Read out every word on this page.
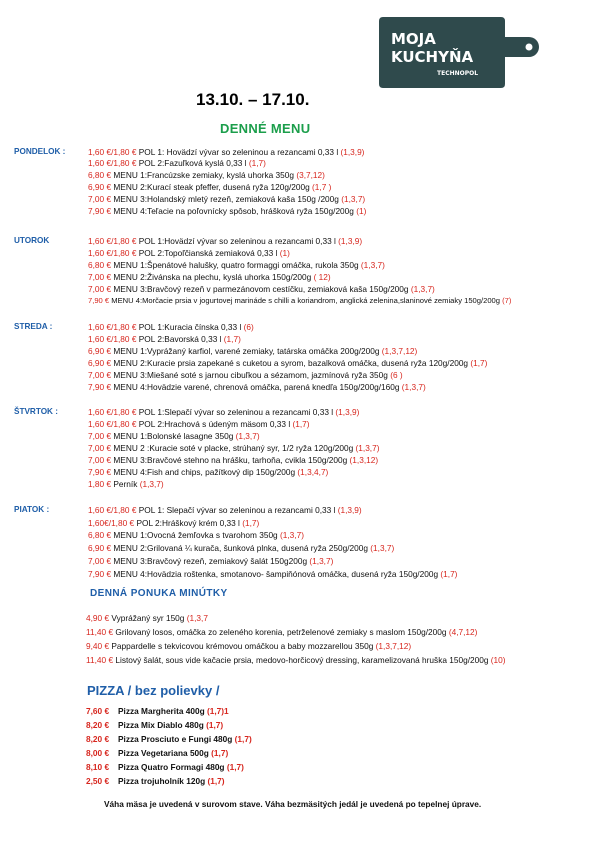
MOJA
KUCHYŇA
TECHNOPOL
13.10. – 17.10.
DENNÉ MENU
PONDELOK :
UTOROK
STREDA :
ŠTVRTOK :
PIATOK :
1,60 €/1,80 € POL 1: Hovädzí vývar so zeleninou a rezancami 0,33 l (1,3,9)
1,60 €/1,80 € POL 2:Fazuľková kyslá 0,33 l (1,7)
6,80 € MENU 1:Francúzske zemiaky, kyslá uhorka 350g (3,7,12)
6,90 € MENU 2:Kurací steak pfeffer, dusená ryža 120g/200g (1,7 )
7,00 € MENU 3:Holandský mletý rezeň, zemiaková kaša 150g /200g (1,3,7)
7,90 € MENU 4:Teľacie na poľovnícky spôsob, hrášková ryža 150g/200g (1)
1,60 €/1,80 € POL 1:Hovädzí vývar so zeleninou a rezancami 0,33 l (1,3,9)
1,60 €/1,80 € POL 2:Topoľčianská zemiaková 0,33 l (1)
6,80 € MENU 1:Špenátové halušky, quatro formaggi omáčka, rukola 350g (1,3,7)
7,00 € MENU 2:Živánska na plechu, kyslá uhorka 150g/200g ( 12)
7,00 € MENU 3:Bravčový rezeň v parmezánovom cestíčku, zemiaková kaša 150g/200g (1,3,7)
7,90 € MENU 4:Morčacie prsia v jogurtovej marináde s chilli a koriandrom, anglická zelenina,slaninové zemiaky 150g/200g (7)
1,60 €/1,80 € POL 1:Kuracia čínska 0,33 l (6)
1,60 €/1,80 € POL 2:Bavorská 0,33 l (1,7)
6,90 € MENU 1:Vyprážaný karfiol, varené zemiaky, tatárska omáčka 200g/200g (1,3,7,12)
6,90 € MENU 2:Kuracie prsia zapekané s cuketou a syrom, bazalková omáčka, dusená ryža 120g/200g (1,7)
7,00 € MENU 3:Miešané soté s jarnou cibuľkou a sézamom, jazmínová ryža 350g (6 )
7,90 € MENU 4:Hovädzie varené, chrenová omáčka, parená knedľa 150g/200g/160g (1,3,7)
1,60 €/1,80 € POL 1:Slepačí vývar so zeleninou a rezancami 0,33 l (1,3,9)
1,60 €/1,80 € POL 2:Hrachová s údeným mäsom 0,33 l (1,7)
7,00 € MENU 1:Bolonské lasagne 350g (1,3,7)
7,00 € MENU 2 :Kuracie soté v placke, strúhaný syr, 1/2 ryža 120g/200g (1,3,7)
7,00 € MENU 3:Bravčové stehno na hrášku, tarhoňa, cvikla 150g/200g (1,3,12)
7,90 € MENU 4:Fish and chips, pažítkový dip 150g/200g (1,3,4,7)
1,80 € Perník (1,3,7)
1,60 €/1,80 € POL 1: Slepačí vývar so zeleninou a rezancami 0,33 l (1,3,9)
1,60€/1,80 € POL 2:Hráškový krém 0,33 l (1,7)
6,80 € MENU 1:Ovocná žemľovka s tvarohom 350g (1,3,7)
6,90 € MENU 2:Grilovaná ¼ kurača, šunková plnka, dusená ryža 250g/200g (1,3,7)
7,00 € MENU 3:Bravčový rezeň, zemiakový šalát 150g200g (1,3,7)
7,90 € MENU 4:Hovädzia roštenka, smotanovo- šampiňónová omáčka, dusená ryža 150g/200g (1,7)
DENNÁ PONUKA MINÚTKY
4,90 € Vyprážaný syr 150g (1,3,7
11,40 € Grilovaný losos, omáčka zo zeleného korenia, petrželenové zemiaky s maslom 150g/200g (4,7,12)
9,40 € Pappardelle s tekvicovou krémovou omáčkou a baby mozzarellou 350g (1,3,7,12)
11,40 € Listový šalát, sous vide kačacie prsia, medovo-horčicový dressing, karamelizovaná hruška 150g/200g (10)
PIZZA / bez polievky /
7,60 € Pizza Margherita 400g (1,7)1
8,20 € Pizza Mix Diablo 480g (1,7)
8,20 € Pizza Prosciuto e Fungi 480g (1,7)
8,00 € Pizza Vegetariana 500g (1,7)
8,10 € Pizza Quatro Formagi 480g (1,7)
2,50 € Pizza trojuholník 120g (1,7)
Váha mäsa je uvedená v surovom stave. Váha bezmäsitých jedál je uvedená po tepelnej úprave.
